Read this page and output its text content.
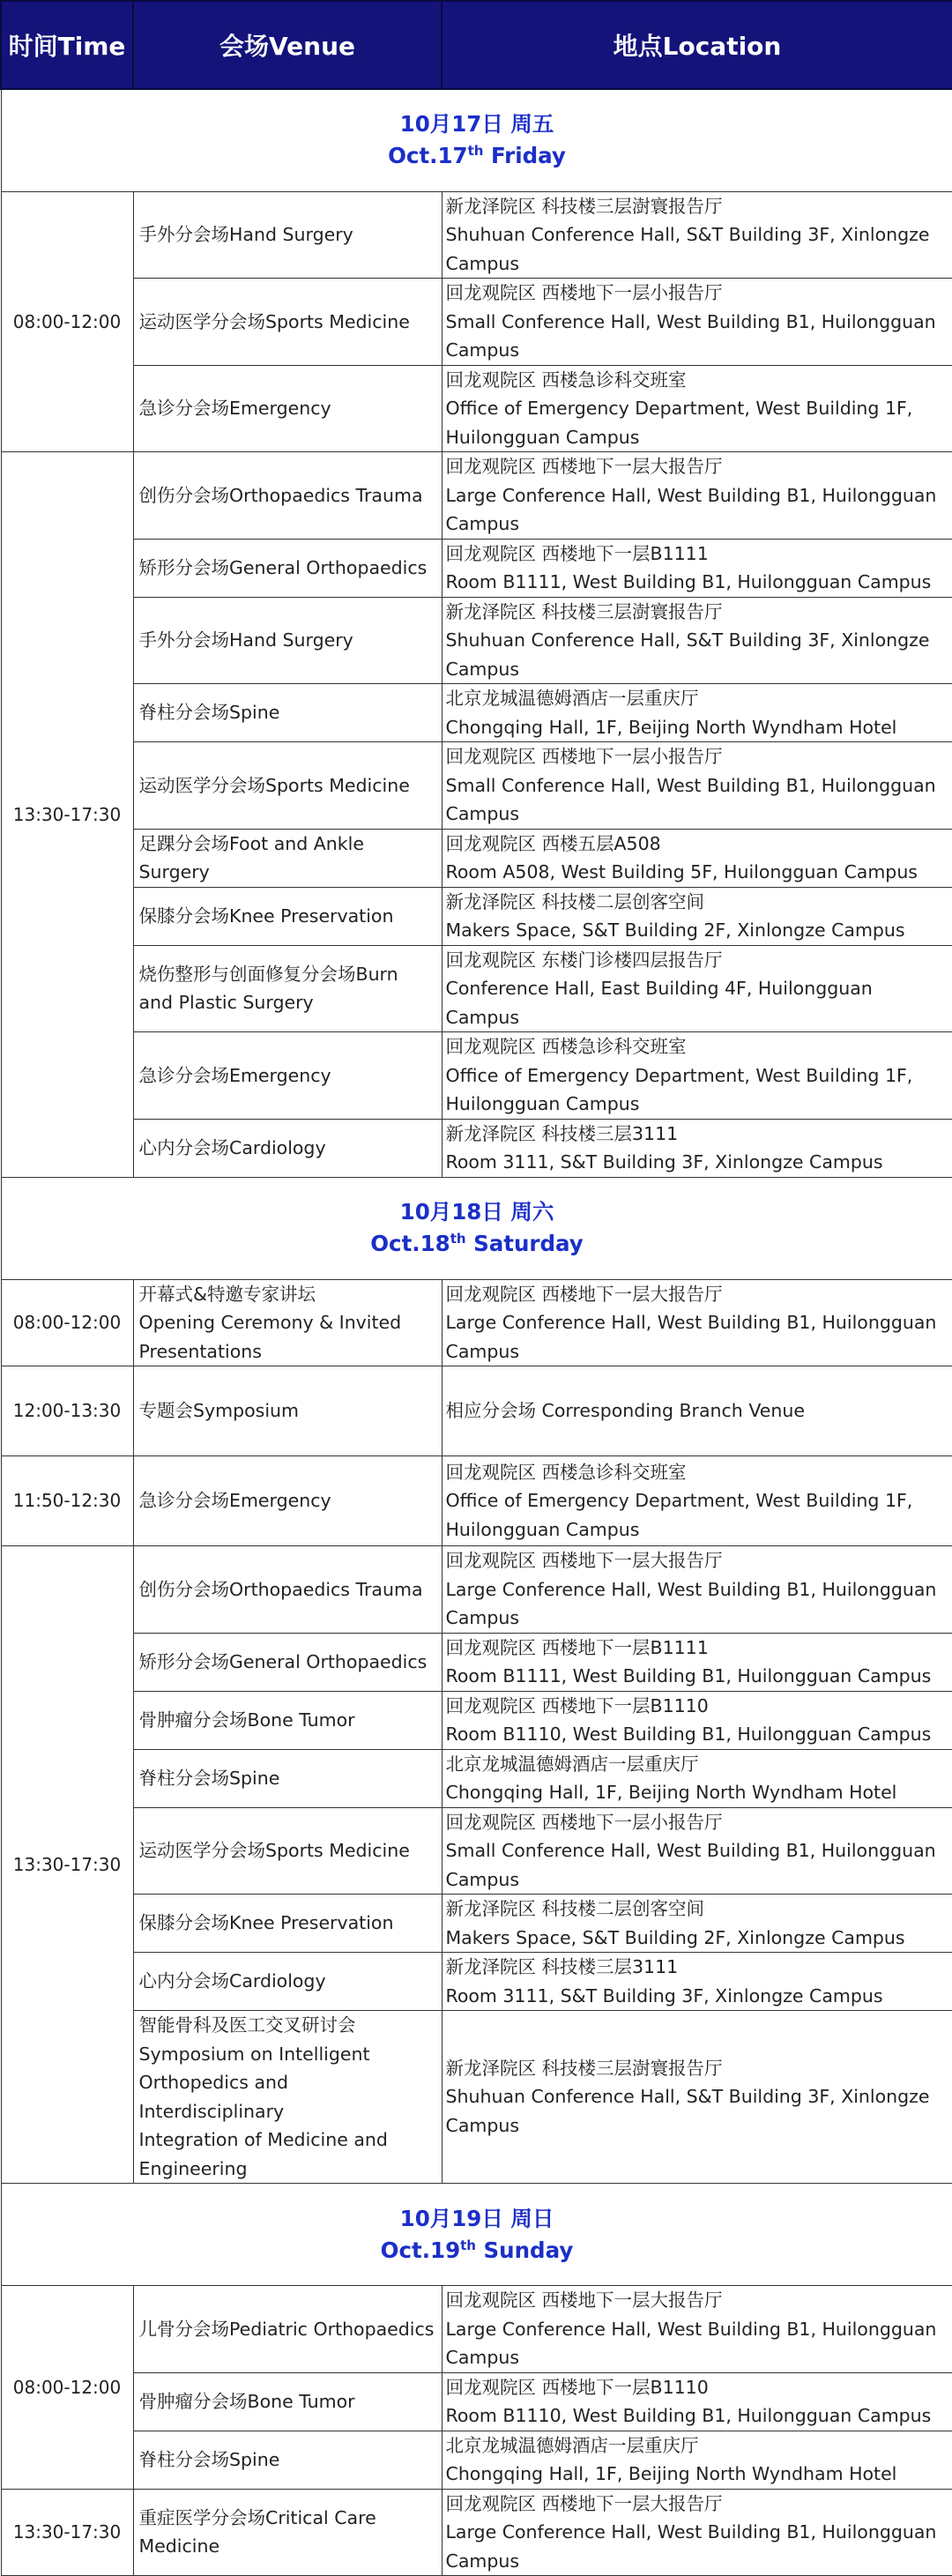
时间Time	会场Venue	地点Location
10月17日 周五
Oct.17th Friday		
08:00-12:00	手外分会场Hand Surgery	新龙泽院区 科技楼三层澍寰报告厅
Shuhuan Conference Hall, S&T Building 3F, Xinlongze
Campus
	运动医学分会场Sports Medicine	回龙观院区 西楼地下一层小报告厅
Small Conference Hall, West Building B1, Huilongguan
Campus
	急诊分会场Emergency	回龙观院区 西楼急诊科交班室
Office of Emergency Department, West Building 1F,
Huilongguan Campus
13:30-17:30	创伤分会场Orthopaedics Trauma	回龙观院区 西楼地下一层大报告厅
Large Conference Hall, West Building B1, Huilongguan
Campus
	矫形分会场General Orthopaedics	回龙观院区 西楼地下一层B1111
Room B1111, West Building B1, Huilongguan Campus
	手外分会场Hand Surgery	新龙泽院区 科技楼三层澍寰报告厅
Shuhuan Conference Hall, S&T Building 3F, Xinlongze
Campus
	脊柱分会场Spine	北京龙城温德姆酒店一层重庆厅
Chongqing Hall, 1F, Beijing North Wyndham Hotel
	运动医学分会场Sports Medicine	回龙观院区 西楼地下一层小报告厅
Small Conference Hall, West Building B1, Huilongguan
Campus
	足踝分会场Foot and Ankle Surgery	回龙观院区 西楼五层A508
Room A508, West Building 5F, Huilongguan Campus
	保膝分会场Knee Preservation	新龙泽院区 科技楼二层创客空间
Makers Space, S&T Building 2F, Xinlongze Campus
	烧伤整形与创面修复分会场Burn
and Plastic Surgery	回龙观院区 东楼门诊楼四层报告厅
Conference Hall, East Building 4F, Huilongguan Campus
	急诊分会场Emergency	回龙观院区 西楼急诊科交班室
Office of Emergency Department, West Building 1F,
Huilongguan Campus
	心内分会场Cardiology	新龙泽院区 科技楼三层3111
Room 3111, S&T Building 3F, Xinlongze Campus
10月18日 周六
Oct.18th Saturday		
08:00-12:00	开幕式&特邀专家讲坛
Opening Ceremony & Invited
Presentations	回龙观院区 西楼地下一层大报告厅
Large Conference Hall, West Building B1, Huilongguan
Campus
12:00-13:30	专题会Symposium	相应分会场 Corresponding Branch Venue
11:50-12:30	急诊分会场Emergency	回龙观院区 西楼急诊科交班室
Office of Emergency Department, West Building 1F,
Huilongguan Campus
13:30-17:30	创伤分会场Orthopaedics Trauma	回龙观院区 西楼地下一层大报告厅
Large Conference Hall, West Building B1, Huilongguan
Campus
	矫形分会场General Orthopaedics	回龙观院区 西楼地下一层B1111
Room B1111, West Building B1, Huilongguan Campus
	骨肿瘤分会场Bone Tumor	回龙观院区 西楼地下一层B1110
Room B1110, West Building B1, Huilongguan Campus
	脊柱分会场Spine	北京龙城温德姆酒店一层重庆厅
Chongqing Hall, 1F, Beijing North Wyndham Hotel
	运动医学分会场Sports Medicine	回龙观院区 西楼地下一层小报告厅
Small Conference Hall, West Building B1, Huilongguan
Campus
	保膝分会场Knee Preservation	新龙泽院区 科技楼二层创客空间
Makers Space, S&T Building 2F, Xinlongze Campus
	心内分会场Cardiology	新龙泽院区 科技楼三层3111
Room 3111, S&T Building 3F, Xinlongze Campus
	智能骨科及医工交叉研讨会
Symposium on Intelligent
Orthopedics and Interdisciplinary
Integration of Medicine and
Engineering	新龙泽院区 科技楼三层澍寰报告厅
Shuhuan Conference Hall, S&T Building 3F, Xinlongze
Campus
10月19日 周日
Oct.19th Sunday		
08:00-12:00	儿骨分会场Pediatric Orthopaedics	回龙观院区 西楼地下一层大报告厅
Large Conference Hall, West Building B1, Huilongguan
Campus
	骨肿瘤分会场Bone Tumor	回龙观院区 西楼地下一层B1110
Room B1110, West Building B1, Huilongguan Campus
	脊柱分会场Spine	北京龙城温德姆酒店一层重庆厅
Chongqing Hall, 1F, Beijing North Wyndham Hotel
13:30-17:30	重症医学分会场Critical Care
Medicine	回龙观院区 西楼地下一层大报告厅
Large Conference Hall, West Building B1, Huilongguan
Campus
